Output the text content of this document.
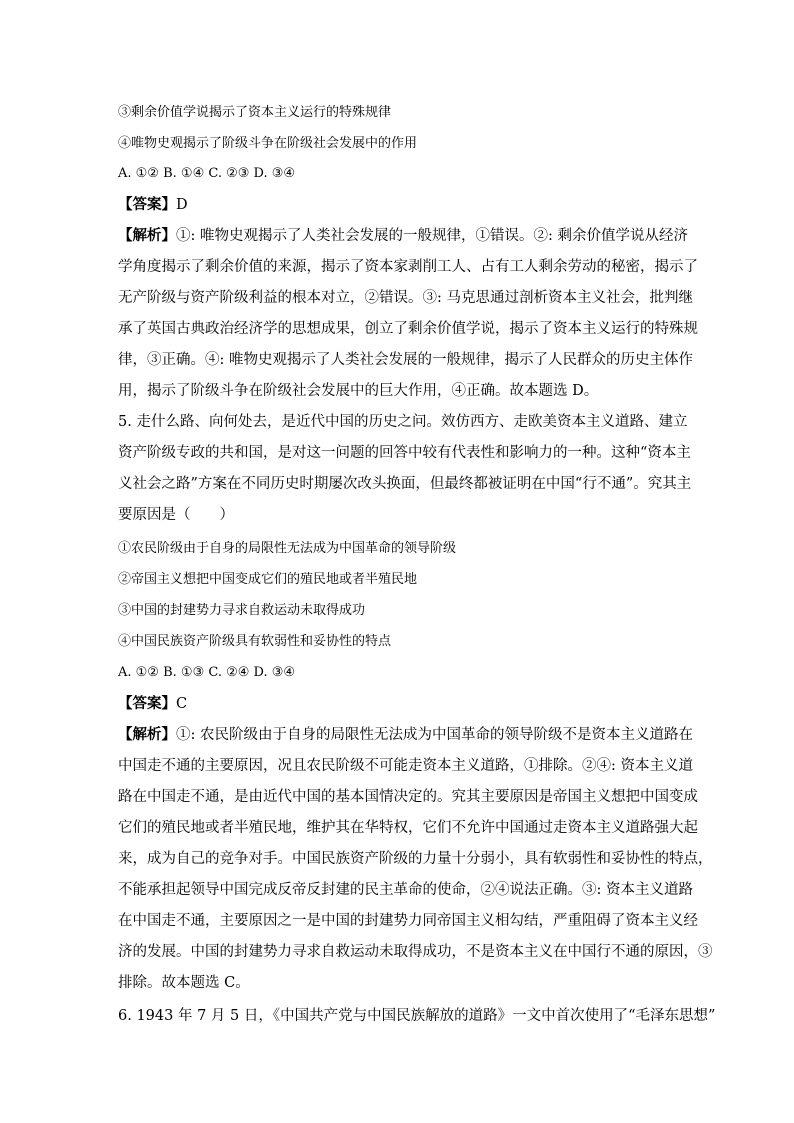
③剩余价值学说揭示了资本主义运行的特殊规律
④唯物史观揭示了阶级斗争在阶级社会发展中的作用
A. ①② B. ①④ C. ②③ D. ③④
【答案】D
【解析】①: 唯物史观揭示了人类社会发展的一般规律，①错误。②: 剩余价值学说从经济
学角度揭示了剩余价值的来源，揭示了资本家剥削工人、占有工人剩余劳动的秘密，揭示了
无产阶级与资产阶级利益的根本对立，②错误。③: 马克思通过剖析资本主义社会，批判继
承了英国古典政治经济学的思想成果，创立了剩余价值学说，揭示了资本主义运行的特殊规
律，③正确。④: 唯物史观揭示了人类社会发展的一般规律，揭示了人民群众的历史主体作
用，揭示了阶级斗争在阶级社会发展中的巨大作用，④正确。故本题选 D。
5. 走什么路、向何处去，是近代中国的历史之问。效仿西方、走欧美资本主义道路、建立
资产阶级专政的共和国，是对这一问题的回答中较有代表性和影响力的一种。这种“资本主
义社会之路”方案在不同历史时期屡次改头换面，但最终都被证明在中国“行不通”。究其主
要原因是（　　）
①农民阶级由于自身的局限性无法成为中国革命的领导阶级
②帝国主义想把中国变成它们的殖民地或者半殖民地
③中国的封建势力寻求自救运动未取得成功
④中国民族资产阶级具有软弱性和妥协性的特点
A. ①② B. ①③ C. ②④ D. ③④
【答案】C
【解析】①: 农民阶级由于自身的局限性无法成为中国革命的领导阶级不是资本主义道路在
中国走不通的主要原因，况且农民阶级不可能走资本主义道路，①排除。②④: 资本主义道
路在中国走不通，是由近代中国的基本国情决定的。究其主要原因是帝国主义想把中国变成
它们的殖民地或者半殖民地，维护其在华特权，它们不允许中国通过走资本主义道路强大起
来，成为自己的竞争对手。中国民族资产阶级的力量十分弱小，具有软弱性和妥协性的特点，
不能承担起领导中国完成反帝反封建的民主革命的使命，②④说法正确。③: 资本主义道路
在中国走不通，主要原因之一是中国的封建势力同帝国主义相勾结，严重阻碍了资本主义经
济的发展。中国的封建势力寻求自救运动未取得成功，不是资本主义在中国行不通的原因，③
排除。故本题选 C。
6. 1943 年 7 月 5 日，《中国共产党与中国民族解放的道路》一文中首次使用了“毛泽东思想”
